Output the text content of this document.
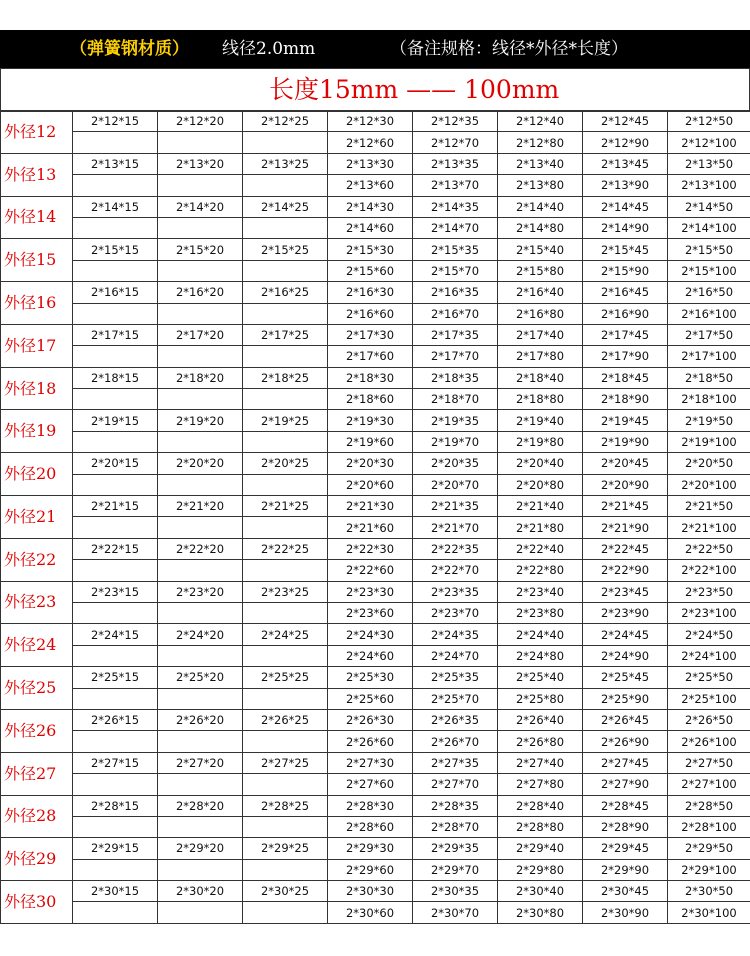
（弹簧钢材质） 线径2.0mm	（备注规格：线径*外径*长度）
长度15mm —— 100mm
外径12	2*12*15	2*12*20	2*12*25	2*12*30	2*12*35	2*12*40	2*12*45	2*12*50
				2*12*60	2*12*70	2*12*80	2*12*90	2*12*100
外径13	2*13*15	2*13*20	2*13*25	2*13*30	2*13*35	2*13*40	2*13*45	2*13*50
				2*13*60	2*13*70	2*13*80	2*13*90	2*13*100
外径14	2*14*15	2*14*20	2*14*25	2*14*30	2*14*35	2*14*40	2*14*45	2*14*50
				2*14*60	2*14*70	2*14*80	2*14*90	2*14*100
外径15	2*15*15	2*15*20	2*15*25	2*15*30	2*15*35	2*15*40	2*15*45	2*15*50
				2*15*60	2*15*70	2*15*80	2*15*90	2*15*100
外径16	2*16*15	2*16*20	2*16*25	2*16*30	2*16*35	2*16*40	2*16*45	2*16*50
				2*16*60	2*16*70	2*16*80	2*16*90	2*16*100
外径17	2*17*15	2*17*20	2*17*25	2*17*30	2*17*35	2*17*40	2*17*45	2*17*50
				2*17*60	2*17*70	2*17*80	2*17*90	2*17*100
外径18	2*18*15	2*18*20	2*18*25	2*18*30	2*18*35	2*18*40	2*18*45	2*18*50
				2*18*60	2*18*70	2*18*80	2*18*90	2*18*100
外径19	2*19*15	2*19*20	2*19*25	2*19*30	2*19*35	2*19*40	2*19*45	2*19*50
				2*19*60	2*19*70	2*19*80	2*19*90	2*19*100
外径20	2*20*15	2*20*20	2*20*25	2*20*30	2*20*35	2*20*40	2*20*45	2*20*50
				2*20*60	2*20*70	2*20*80	2*20*90	2*20*100
外径21	2*21*15	2*21*20	2*21*25	2*21*30	2*21*35	2*21*40	2*21*45	2*21*50
				2*21*60	2*21*70	2*21*80	2*21*90	2*21*100
外径22	2*22*15	2*22*20	2*22*25	2*22*30	2*22*35	2*22*40	2*22*45	2*22*50
				2*22*60	2*22*70	2*22*80	2*22*90	2*22*100
外径23	2*23*15	2*23*20	2*23*25	2*23*30	2*23*35	2*23*40	2*23*45	2*23*50
				2*23*60	2*23*70	2*23*80	2*23*90	2*23*100
外径24	2*24*15	2*24*20	2*24*25	2*24*30	2*24*35	2*24*40	2*24*45	2*24*50
				2*24*60	2*24*70	2*24*80	2*24*90	2*24*100
外径25	2*25*15	2*25*20	2*25*25	2*25*30	2*25*35	2*25*40	2*25*45	2*25*50
				2*25*60	2*25*70	2*25*80	2*25*90	2*25*100
外径26	2*26*15	2*26*20	2*26*25	2*26*30	2*26*35	2*26*40	2*26*45	2*26*50
				2*26*60	2*26*70	2*26*80	2*26*90	2*26*100
外径27	2*27*15	2*27*20	2*27*25	2*27*30	2*27*35	2*27*40	2*27*45	2*27*50
				2*27*60	2*27*70	2*27*80	2*27*90	2*27*100
外径28	2*28*15	2*28*20	2*28*25	2*28*30	2*28*35	2*28*40	2*28*45	2*28*50
				2*28*60	2*28*70	2*28*80	2*28*90	2*28*100
外径29	2*29*15	2*29*20	2*29*25	2*29*30	2*29*35	2*29*40	2*29*45	2*29*50
				2*29*60	2*29*70	2*29*80	2*29*90	2*29*100
外径30	2*30*15	2*30*20	2*30*25	2*30*30	2*30*35	2*30*40	2*30*45	2*30*50
				2*30*60	2*30*70	2*30*80	2*30*90	2*30*100
